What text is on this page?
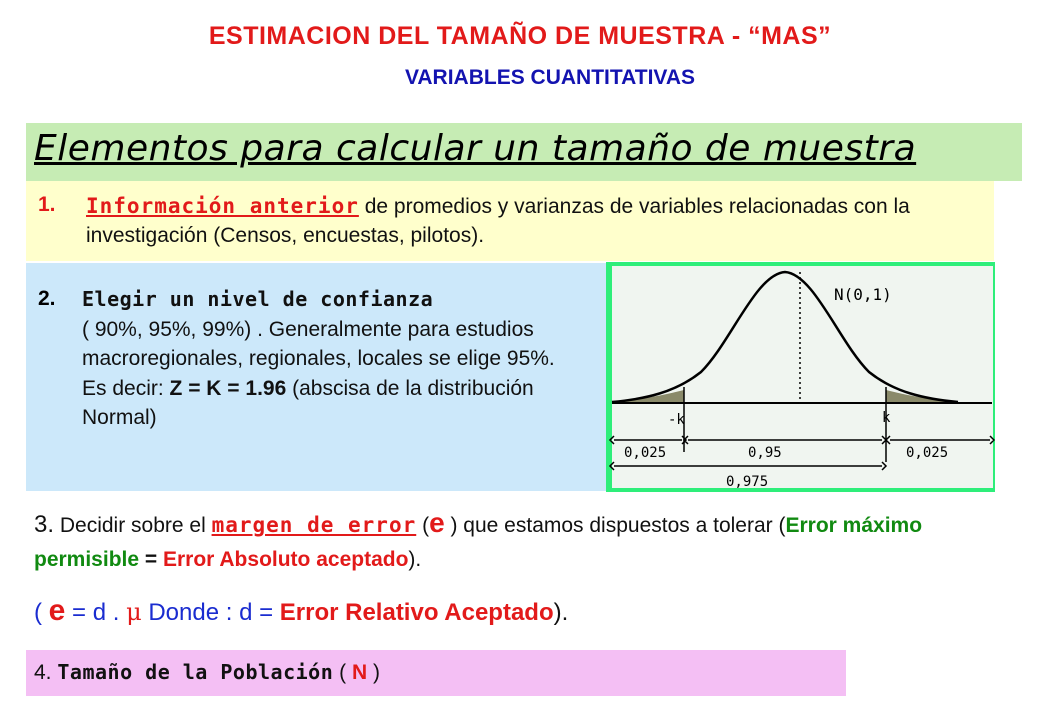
ESTIMACION DEL TAMAÑO DE MUESTRA - “MAS”
VARIABLES CUANTITATIVAS
Elementos para calcular un tamaño de muestra
1. Información anterior de promedios y varianzas de variables relacionadas con la investigación (Censos, encuestas, pilotos).
2. Elegir un nivel de confianza
( 90%, 95%, 99%) . Generalmente para estudios macroregionales, regionales, locales se elige 95%.
Es decir: Z = K = 1.96 (abscisa de la distribución Normal)
N(0,1)
-k	k
0,025	0,95	0,025
0,975
3. Decidir sobre el margen de error (e ) que estamos dispuestos a tolerar (Error máximo permisible = Error Absoluto aceptado).
( e = d . μ Donde : d = Error Relativo Aceptado).
4. Tamaño de la Población ( N )
